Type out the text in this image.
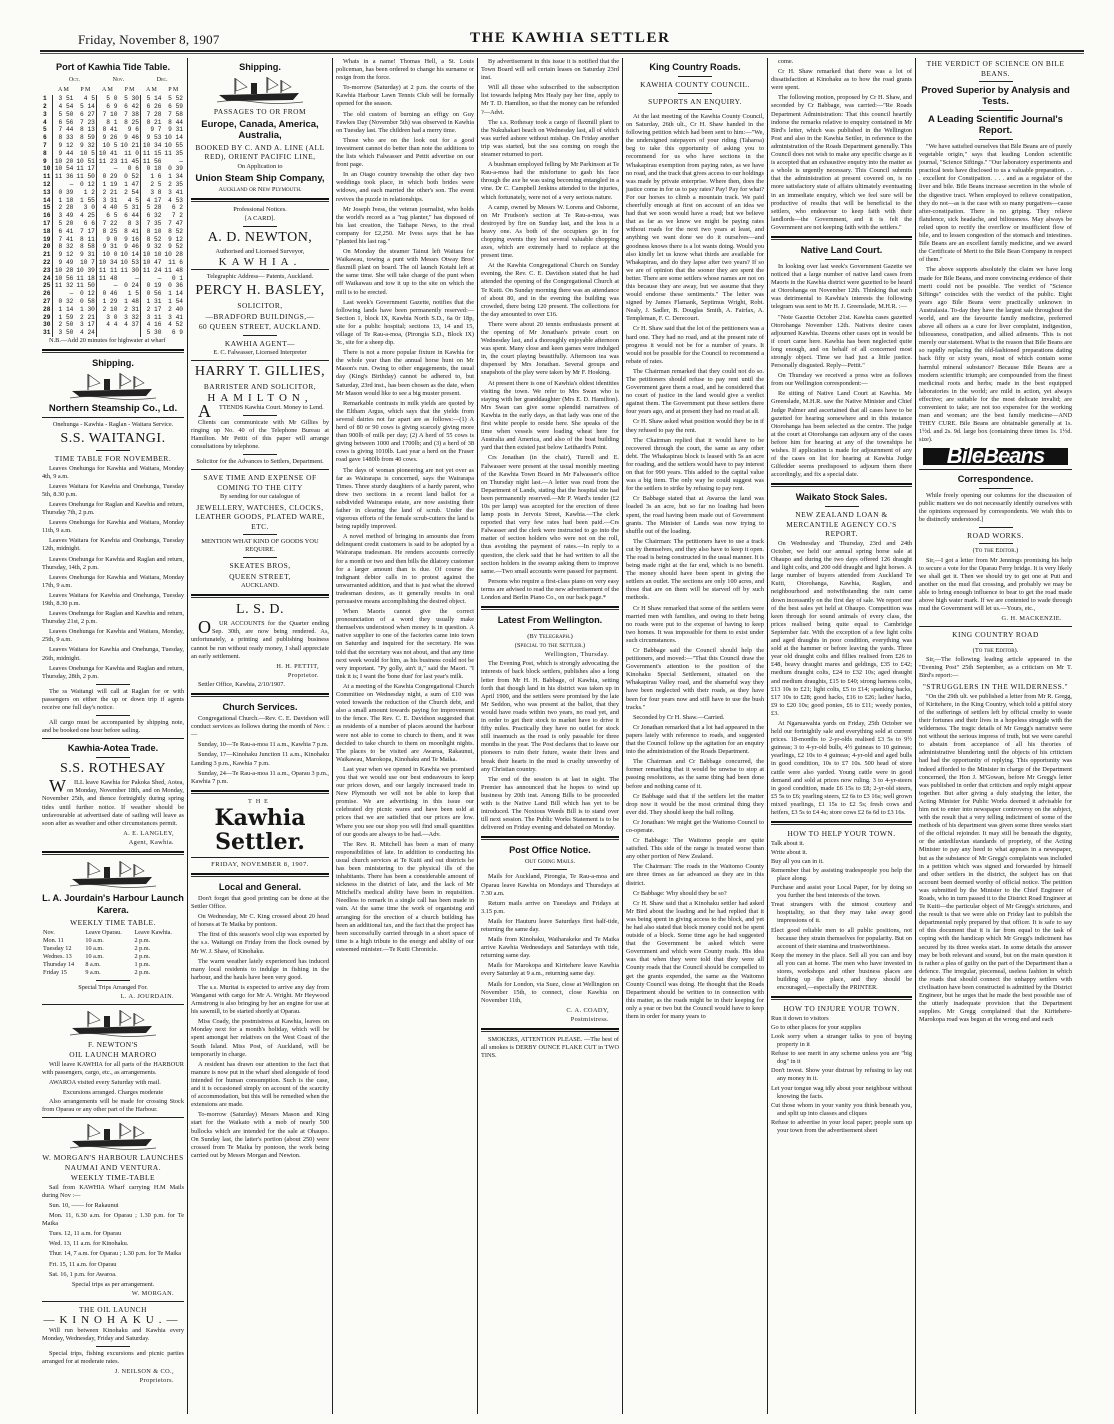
Friday, November 8, 1907	THE KAWHIA SETTLER
Port of Kawhia Tide Table.
	Oct.		Nov.		Dec.	
	A M	P M	A M	P M	A M	P M
1	3 51	4 5	5 0	5 30	5 14	5 52
2	4 54	5 14	6 9	6 42	6 26	6 59
3	5 50	6 27	7 10	7 38	7 28	7 58
4	6 56	7 23	8 1	8 25	8 21	8 44
5	7 44	8 13	8 41	9 6	9 7	9 31
6	8 33	8 59	9 26	9 46	9 53	10 14
7	9 12	9 32	10 5	10 21	10 34	10 55
8	9 44	10 5	10 41	11 0	11 15	11 35
9	10 20	10 51	11 23	11 45	11 56	—
10	10 54	11 17	—	0 6	0 18	0 39
11	11 36	11 50	0 29	0 52	1 6	1 34
12	—	0 12	1 19	1 47	2 5	2 35
13	0 39	1 2	2 21	2 54	3 8	3 41
14	1 18	1 55	3 31	4 5	4 17	4 53
15	2 28	3 0	4 40	5 31	5 28	6 2
16	3 49	4 25	6 5	6 44	6 32	7 2
17	5 20	6 6	7 22	8 3	7 35	7 47
18	6 41	7 17	8 25	8 41	8 10	8 52
19	7 41	8 11	9 0	9 16	8 52	9 12
20	8 32	8 58	9 31	9 46	9 32	9 52
21	9 12	9 31	10 0	10 14	10 10	10 28
22	9 49	10 7	10 34	10 53	10 47	11 6
23	10 28	10 39	11 11	11 30	11 24	11 48
24	10 56	11 18	11 48	—	—	0 1
25	11 32	11 50	—	0 24	0 19	0 36
26	—	0 12	0 46	1 5	0 56	1 14
27	0 32	0 58	1 29	1 48	1 31	1 54
28	1 14	1 30	2 10	2 31	2 17	2 40
29	1 59	2 21	3 0	3 32	3 11	3 41
30	2 50	3 17	4 4	4 37	4 16	4 52
31	3 50	4 24			5 30	6 9
N.B.—Add 20 minutes for highwater at wharf
Shipping.
Northern Steamship Co., Ld.
Onehunga - Kawhia - Raglan - Waitara Service.
S.S. WAITANGI.
TIME TABLE FOR NOVEMBER.
Leaves Onehunga for Kawhia and Waitara, Monday 4th, 9 a.m.
Leaves Waitara for Kawhia and Onehunga, Tuesday 5th, 8.30 p.m.
Leaves Onehunga for Raglan and Kawhia and return, Thursday 7th, 2 p.m.
Leaves Onehunga for Kawhia and Waitara, Monday 11th, 9 a.m.
Leaves Waitara for Kawhia and Onehunga, Tuesday 12th, midnight.
Leaves Onehunga for Kawhia and Raglan and return, Thursday, 14th, 2 p.m.
Leaves Onehunga for Kawhia and Waitara, Monday 17th, 9 a.m.
Leaves Waitara for Kawhia and Onehunga, Tuesday 19th, 8.30 p.m.
Leaves Onehunga for Raglan and Kawhia and return, Thursday 21st, 2 p.m.
Leaves Onehunga for Kawhia and Waitara, Monday, 25th, 9 a.m.
Leaves Waitara for Kawhia and Onehunga, Tuesday, 26th, midnight.
Leaves Onehunga for Kawhia and Raglan and return, Thursday, 28th, 2 p.m.
The ss Waitangi will call at Raglan for or with passengers on either the up or down trip if agents receive one full day's notice.
All cargo must be accompanied by shipping note, and be booked one hour before sailing.
Kawhia-Aotea Trade.
S.S. ROTHESAY
WILL leave Kawhia for Pakoka Shed, Aotea, on Monday, November 18th, and on Monday, November 25th, and thence fortnightly during spring tides until further notice. If weather should be unfavourable at advertised date of sailing will leave as soon after as weather and other circumstances permit.
A. E. LANGLEY,
Agent, Kawhia.
L. A. Jourdain's Harbour Launch Karera.
WEEKLY TIME TABLE.
Nov.	Leave Oparau.	Leave Kawhia.
Mon. 11	10 a.m.	2 p.m.
Tuesday 12	10 a.m.	2 p.m.
Wednes. 13	10 a.m.	2 p.m.
Thursday 14	8 a.m.	1 p.m.
Friday 15	9 a.m.	2 p.m.
Special Trips Arranged For.
L. A. JOURDAIN.
F. NEWTON'S
OIL LAUNCH MARORO
Will leave KAWHIA for all parts of the HARBOUR with passengers, cargo, etc., as arrangements.
AWAROA visited every Saturday with mail.
Excursions arranged. Charges moderate
Also arrangements will be made for crossing Stock from Oparau or any other part of the Harbour.
W. MORGAN'S HARBOUR LAUNCHES NAUMAI AND VENTURA.
WEEKLY TIME-TABLE
Sail from KAWHIA Wharf carrying H.M Mails during Nov :—
Sun. 10, —— for Rakaunui
Mon. 11, 6.30 a.m. for Oparau ; 1.30 p.m. for Te Maika
Tues. 12, 11 a.m. for Oparau
Wed. 13, 11 a.m. for Kinohaku.
Thur. 14, 7 a.m. for Oparau ; 1.30 p.m. for Te Maika
Fri. 15, 11 a.m. for Oparau
Sat. 16, 1 p.m. for Awaroa.
Special trips as per arrangement.
W. MORGAN.
THE OIL LAUNCH
—KINOHAKU.—
Will run between Kinohaku and Kawhia every Monday, Wednesday, Friday and Saturday.
Special trips, fishing excursions and picnic parties arranged for at moderate rates.
J. NEILSON & CO.,
Proprietors.
Shipping.
PASSAGES TO OR FROM
Europe, Canada, America, Australia,
BOOKED BY C. AND A. LINE (ALL RED), ORIENT PACIFIC LINE,
On Application to
Union Steam Ship Company,
Auckland or New Plymouth.
Professional Notices.
[A CARD].
A. D. NEWTON,
Authorised and Licensed Surveyor,
KAWHIA.
Telegraphic Address— Patents, Auckland.
PERCY H. BASLEY,
SOLICITOR,
—BRADFORD BUILDINGS,—
60 QUEEN STREET, AUCKLAND.
KAWHIA AGENT—
E. C. Falwasser, Licensed Interpreter
HARRY T. GILLIES,
BARRISTER AND SOLICITOR,
HAMILTON,
ATTENDS Kawhia Court. Money to Lend.
Clients can communicate with Mr Gillies by ringing up No. 40 of the Telephone Bureau at Hamilton. Mr Pettit of this paper will arrange consultations by telephone.
Solicitor for the Advances to Settlers, Department.
SAVE TIME AND EXPENSE OF COMING TO THE CITY
By sending for our catalogue of
JEWELLERY, WATCHES, CLOCKS, LEATHER GOODS, PLATED WARE, ETC.
MENTION WHAT KIND OF GOODS YOU REQUIRE.
SKEATES BROS,
QUEEN STREET,
AUCKLAND.
L. S. D.
OUR ACCOUNTS for the Quarter ending Sep. 30th, are now being rendered. As, unfortunately, a printing and publishing business cannot be run without ready money, I shall appreciate an early settlement.
H. H. PETTIT,
Proprietor.
Settler Office, Kawhia, 2/10/1907.
Church Services.
Congregational Church.—Rev. C. E. Davidson will conduct services as follows during the month of Nov. :—
Sunday, 10—Te Rau-a-moa 11 a.m., Kawhia 7 p.m.
Sunday, 17—Kinohaku Junction 11 a.m., Kinohaku Landing 3 p.m., Kawhia 7 p.m.
Sunday, 24—Te Rau-a-moa 11 a.m., Oparau 3 p.m., Kawhia 7 p.m.
THE
Kawhia Settler.
FRIDAY, NOVEMBER 8, 1907.
Local and General.
Don't forget that good printing can be done at the Settler Office.
On Wednesday, Mr C. King crossed about 20 head of horses at Te Maika by pontoon.
The first of this season's wool clip was exported by the s.s. Waitangi on Friday from the flock owned by Mr W. J. Shaw, of Kinohaku.
The warm weather lately experienced has induced many local residents to indulge in fishing in the harbour, and the hauls have been very good.
The s.s. Muritai is expected to arrive any day from Wanganui with cargo for Mr A. Wright. Mr Heywood Armstrong is also bringing by her an engine for use at his sawmill, to be started shortly at Oparau.
Miss Coady, the postmistress at Kawhia, leaves on Monday next for a month's holiday, which will be spent amongst her relatives on the West Coast of the South Island. Miss Post, of Auckland, will be temporarily in charge.
A resident has drawn our attention to the fact that manure is now put in the wharf shed alongside of food intended for human consumption. Such is the case, and it is occasioned simply on account of the scarcity of accommodation, but this will be remedied when the extensions are made.
To-morrow (Saturday) Messrs Mason and King start for the Waikato with a mob of nearly 500 bullocks which are intended for the sale at Ohaupo. On Sunday last, the latter's portion (about 250) were crossed from Te Maika by pontoon, the work being carried out by Messrs Morgan and Newton.
Whats in a name! Thomas Hell, a St. Louis policeman, has been ordered to change his surname or resign from the force.
To-morrow (Saturday) at 2 p.m. the courts of the Kawhia Harbour Lawn Tennis Club will be formally opened for the season.
The old custom of burning an effigy on Guy Fawkes Day (November 5th) was observed in Kawhia on Tuesday last. The children had a merry time.
Those who are on the look out for a good investment cannot do better than note the additions to the lists which Falwasser and Pettit advertise on our front page.
In an Otago country township the other day two weddings took place, in which both brides were widows, and each married the other's son. The event revives the puzzle in relationships.
Mr Joseph Ivess, the veteran journalist, who holds the world's record as a "rag planter," has disposed of his last creation, the Taihape News, to the rival company for £2,250. Mr Ivess says that he has "planted his last rag."
On Monday the steamer Tainui left Waitara for Waikawau, towing a punt with Messrs Otway Bros' flaxmill plant on board. The oil launch Kotahi left at the same time. She will take charge of the punt when off Waikawau and tow it up to the site on which the mill is to be erected.
Last week's Government Gazette, notifies that the following lands have been permanently reserved:—Section 1, block IX, Kawhia North S.D., 6a 0r 18p, site for a public hospital; sections 13, 14 and 15, village of Te Rau-a-moa, (Pirongia S.D., Block IX) 3r., site for a sheep dip.
There is not a more popular fixture in Kawhia for the whole year than the annual horse hunt on Mr Mason's run. Owing to other engagements, the usual day (King's Birthday) cannot be adhered to, but Saturday, 23rd inst., has been chosen as the date, when Mr Mason would like to see a big muster present.
Remarkable contrasts in milk yields are quoted by the Eltham Argus, which says that the yields from several dairies not far apart are as follows:—(1) A herd of 80 or 90 cows is giving scarcely giving more than 900lb of milk per day; (2) A herd of 55 cows is giving between 1000 and 1700lb; and (3) a herd of 38 cows is giving 1010lb. Last year a herd on the Fraser road gave 1480lb from 40 cows.
The days of woman pioneering are not yet over as far as Wairarapa is concerned, says the Wairarapa Times. Three sturdy daughters of a hardy parent, who drew two sections in a recent land ballot for a subdivided Wairarapa estate, are now assisting their father in clearing the land of scrub. Under the vigorous efforts of the female scrub-cutters the land is being rapidly improved.
A novel method of bringing in amounts due from delinquent credit customers is said to be adopted by a Wairarapa tradesman. He renders accounts correctly for a month or two and then bills the dilatory customer for a larger amount than is due. Of course the indignant debtor calls in to protest against the unwarranted addition, and that is just what the shrewd tradesman desires, as it generally results in oral persuasive means accomplishing the desired object.
When Maoris cannot give the correct pronounciation of a word they usually make themselves understood when money is in question. A native supplier to one of the factories came into town on Saturday and inquired for the secretary. He was told that the secretary was not about, and that any time next week would for him, as his business could not be very important. "Py golly, ain't it," said the Maori. "I tink it is; I want the 'bone dust' for last year's milk.
At a meeting of the Kawhia Congregational Church Committee on Wednesday night, a sum of £10 was voted towards the reduction of the Church debt, and also a small amount towards paying for improvement to the fence. The Rev. C. E. Davidson suggested that as residents of a number of places around the harbour were not able to come to church to them, and it was decided to take church to them on moonlight nights. The places to be visited are Awaroa, Rakaunui, Waikawau, Marokopa, Kinohaku and Te Maika.
Last year when we opened in Kawhia we promised you that we would use our best endeavours to keep our prices down, and our largely increased trade in New Plymouth we will not be able to keep that promise. We are advertising in this issue our celebrated dry picnic wares and have been sold at prices that we are satisfied that our prices are low. Where you see our shop you will find small quantities of our goods are always to be had.—Adv.
The Rev. R. Mitchell has been a man of many responsibilities of late. In addition to conducting his usual church services at Te Kuiti and out districts he has been ministering to the physical ills of the inhabitants. There has been a considerable amount of sickness in the district of late, and the lack of Mr Mitchell's medical ability have been in requisition. Needless to remark in a single call has been made in vain. At the same time the work of organising and arranging for the erection of a church building has been an additional tax, and the fact that the project has been successfully carried through in a short space of time is a high tribute to the energy and ability of our esteemed minister.—Te Kuiti Chronicle.
By advertisement in this issue it is notified that the Town Board will sell certain leases on Saturday 23rd inst.
Will all those who subscribed to the subscription list towards helping Mrs Healy pay her fine, apply to Mr T. D. Hamilton, so that the money can be refunded ?—Advt.
The s.s. Rothesay took a cargo of flaxmill plant to the Nukuhakari beach on Wednesday last, all of which was surfed ashore without mishap. On Friday another trip was started, but the sea coming on rough the steamer returned to port.
A bushman employed felling by Mr Parkinson at Te Rau-a-moa had the misfortune to gash his face through the axe he was using becoming entangled in a vine. Dr C. Campbell Jenkins attended to the injuries, which fortunately, were not of a very serious nature.
A camp, owned by Messrs W. Lorens and Osborne, on Mr Frudson's section at Te Rau-a-moa, was destroyed by fire on Sunday last, and the loss is a heavy one. As both of the occupiers go in for chopping events they lost several valuable chopping axes, which are extremely hard to replace at the present time.
At the Kawhia Congregational Church on Sunday evening, the Rev. C. E. Davidson stated that he had attended the opening of the Congregational Church at Te Kuiti. On Sunday morning there was an attendance of about 80, and in the evening the building was crowded, there being 120 present. The collections for the day amounted to over £16.
There were about 20 tennis enthusiasts present at the opening of Mr Jonathan's private court on Wednesday last, and a thoroughly enjoyable afternoon was spent. Many close and keen games were indulged in, the court playing beautifully. Afternoon tea was dispensed by Mrs Jonathan. Several groups and snapshots of the play were taken by Mr F. Hosking.
At present there is one of Kawhia's oldest identities visiting the town. We refer to Mrs Swan who is staying with her granddaughter (Mrs E. D. Hamilton). Mrs Swan can give some splendid narratives of Kawhia in the early days, as that lady was one of the first white people to reside here. She speaks of the time when vessels were loading wheat here for Australia and America, and also of the boat building yard that then existed just below Leithardt's Point.
Crs Jonathan (in the chair), Turrell and E. Falwasser were present at the usual monthly meeting of the Kawhia Town Board in Mr Falwasser's office on Thursday night last.—A letter was read from the Department of Lands, stating that the hospital site had been permanently reserved.—Mr P. Ward's tender (£2 10s per lamp) was accepted for the erection of three lamp posts in Jervois Street, Kawhia.—The clerk reported that very few rates had been paid.—Crs Falwasser and the clerk were instructed to go into the matter of section holders who were not on the roll, thus avoiding the payment of rates.—In reply to a question, the clerk said that he had written to all the section holders in the swamp asking them to improve same.—Two small accounts were passed for payment.
Persons who require a first-class piano on very easy terms are advised to read the new advertisement of the London and Berlin Piano Co., on our back page.*
Latest From Wellington.
(By Telegraph.)
(Special to the Settler.)
Wellington, Thursday.
The Evening Post, which is strongly advocating the interests of back block settlers, publishes also a long letter from Mr H. H. Babbage, of Kawhia, setting forth that though land in his district was taken up in April 1900, and the settlers were promised by the late Mr Seddon, who was present at the ballot, that they would have roads within two years, no road yet, and in order to get their stock to market have to drive it fifty miles. Practically they have no outlet for stock still inasmuch as the road is only passable for three months in the year. The Post declares that to leave our pioneers to ruin their future, waste their lives and break their hearts in the mud is cruelty unworthy of any Christian country.
The end of the session is at last in sight. The Premier has announced that he hopes to wind up business by 20th inst. Among Bills to be proceeded with is the Native Land Bill which has yet to be introduced. The Noxious Weeds Bill is to stand over till next session. The Public Works Statement is to be delivered on Friday evening and debated on Monday.
Post Office Notice.
Out Going Mails.
Mails for Auckland, Pirongia, Te Rau-a-moa and Oparau leave Kawhia on Mondays and Thursdays at 7.30 a.m.
Return mails arrive on Tuesdays and Fridays at 3.15 p.m.
Mails for Hauturu leave Saturdays first half-tide, returning the same day.
Mails from Kinohaku, Waiharakeke and Te Maika arrive Kawhia Wednesdays and Saturdays with tide, returning same day.
Mails for Marokopa and Kiritehere leave Kawhia every Saturday at 9 a.m., returning same day.
Mails for London, via Suez, close at Wellington on November 15th, to connect, close Kawhia on November 11th,
C. A. COADY,
Postmistress.
SMOKERS, ATTENTION PLEASE. —The best of all smokes is DERBY OUNCE FLAKE CUT in TWO TINS.
King Country Roads.
KAWHIA COUNTY COUNCIL.
SUPPORTS AN ENQUIRY.
At the last meeting of the Kawhia County Council, on Saturday, 26th ult., Cr H. Shaw handed in the following petition which had been sent to him:—"We, the undersigned ratepayers of your riding (Taharoa) beg to take this opportunity of asking you to recommend for us who have sections in the Whakapirau exemption from paying rates, as we have no road, and the track that gives access to our holdings was made by private enterprise. Where then, does the justice come in for us to pay rates? Pay! Pay for what? For our horses to climb a mountain track. We paid cheerfully enough at first on account of an idea we had that we soon would have a road; but we believe that as far as we know we might be paying rates without roads for the next two years at least, and anything we want done we do it ourselves—and goodness knows there is a lot wants doing. Would you also kindly let us know what thirds are available for Whakapirau, and do they lapse after two years? If so we are of opinion that the sooner they are spent the better. There are some settlers whose names are not on this because they are away, but we assume that they would endorse these sentiments." The letter was signed by James Flamank, Septimus Wright, Robt. Nealy, J. Sadler, B. Douglas Smith, A. Fairfax, A. Templeman, F. C. Derecourt.
Cr H. Shaw said that the lot of the petitioners was a hard one. They had no road, and at the present rate of progress it would not be for a number of years. It would not be possible for the Council to recommend a rebate of rates.
The Chairman remarked that they could not do so. The petitioners should refuse to pay rent until the Government gave them a road, and he considered that no court of justice in the land would give a verdict against them. The Government put these settlers there four years ago, and at present they had no road at all.
Cr H. Shaw asked what position would they be in if they refused to pay the rent.
The Chairman replied that it would have to be recovered through the court, the same as any other debt. The Whakapirau block is leased with 5s an acre for roading, and the settlers would have to pay interest on that for 990 years. This added to the capital value was a big item. The only way he could suggest was for the settlers to strike by refusing to pay rent.
Cr Babbage stated that at Awaroa the land was loaded 3s an acre, but so far no loading had been spent, the road having been made out of Government grants. The Minister of Lands was now trying to shuffle out of the loading.
The Chairman: The petitioners have to use a track cut by themselves, and they also have to keep it open. The road is being constructed in the usual manner. It is being made right at the far end, which is no benefit. The money should have been spent in giving the settlers an outlet. The sections are only 100 acres, and those that are on them will be starved off by such methods.
Cr H Shaw remarked that some of the settlers were married men with families, and owing to their being no roads were put to the expense of having to keep two homes. It was impossible for them to exist under such circumstances.
Cr Babbage said the Council should help the petitioners, and moved:—"That this Council draw the Government's attention to the position of the Kinohaku Special Settlement, situated on the Whakapirau Valley road, and the shameful way they have been neglected with their roads, as they have been for four years now and still have to use the bush tracks."
Seconded by Cr H. Shaw.—Carried.
Cr Jonathan remarked that a lot had appeared in the papers lately with reference to roads, and suggested that the Council follow up the agitation for an enquiry into the administration of the Roads Department.
The Chairman and Cr Babbage concurred, the former remarking that it would be unwise to stop at passing resolutions, as the same thing had been done before and nothing came of it.
Cr Babbage said that if the settlers let the matter drop now it would be the most criminal thing they ever did. They should keep the ball rolling.
Cr Jonathan: We might get the Waitomo Council to co-operate.
Cr Babbage: The Waitomo people are quite satisfied. This side of the range is treated worse than any other portion of New Zealand.
The Chairman: The roads in the Waitomo County are three times as far advanced as they are in this district.
Cr Babbage: Why should they be so?
Cr H. Shaw said that a Kinohaku settler had asked Mr Bird about the loading and he had replied that it was being spent in giving access to the block, and yet he had also stated that block money could not be spent outside of a block. Some time ago he had suggested that the Government be asked which were Government and which were County roads. His idea was that when they were told that they were all County roads that the Council should be compelled to get the grants expended, the same as the Waitomo County Council was doing. He thought that the Roads Department should be written to in connection with this matter, as the roads might be in their keeping for only a year or two but the Council would have to keep them in order for many years to
come.
Cr H. Shaw remarked that there was a lot of dissatisfaction at Kinohaku as to how the road grants were spent.
The following motion, proposed by Cr H. Shaw, and seconded by Cr Babbage, was carried:—"Re Roads Department Administration: That this council heartily indorse the remarks relative to enquiry contained in Mr Bird's letter, which was published in the Wellington Post and also in the Kawhia Settler, in reference to the administration of the Roads Department generally. This Council does not wish to make any specific charge as it is accepted that an exhaustive enquiry into the matter as a whole is urgently necessary. This Council submits that the administration at present covered on, is no more satisfactory state of affairs ultimately eventuating in an immediate enquiry, which we feel sure will be productive of results that will be beneficial to the settlers, who endeavour to keep faith with their landlords—the Government, and it is felt the Government are not keeping faith with the settlers."
Native Land Court.
In looking over last week's Government Gazette we noticed that a large number of native land cases from Maoris in the Kawhia district were gazetted to be heard at Otorohanga on November 12th. Thinking that such was detrimental to Kawhia's interests the following telegram was sent to Mr H. J. Greenslade, M.H.R. :—
"Note Gazette October 21st. Kawhia cases gazetted Otorohanga November 12th. Natives desire cases adjourned Kawhia. Dozens other cases opt in would be if court came here. Kawhia has been neglected quite long enough, and on behalf of all concerned most strongly object. Time we had just a little justice. Personally disgusted. Reply—Pettit."
On Thursday we received a press wire as follows from our Wellington correspondent:—
Re sitting of Native Land Court at Kawhia. Mr Greenslade, M.H.R. saw the Native Minister and Chief Judge Palmer and ascertained that all cases have to be gazetted for hearing somewhere and in this instance Otorohanga has been selected as the centre. The judge at the court at Otorohanga can adjourn any of the cases before him for hearing at any of the townships he wishes. If application is made for adjournment of any of the cases on list for hearing at Kawhia Judge Gilfedder seems predisposed to adjourn them there accordingly, and fix a special date.
Waikato Stock Sales.
NEW ZEALAND LOAN & MERCANTILE AGENCY CO.'S REPORT.
On Wednesday and Thursday, 23rd and 24th October, we held our annual spring horse sale at Ohaupo and during the two days offered 126 draught and light colts, and 200 odd draught and light horses. A large number of buyers attended from Auckland Te Kuiti, Otorohanga, Kawhia, Raglan, and neighbourhood and notwithstanding the rain came down incessantly on the first day of sale. We report one of the best sales yet held at Ohaupo. Competition was keen through for sound animals of every class, the prices realised being quite equal to Cambridge September fair. With the exception of a few light colts and aged draughts in poor condition, everything was sold at the hammer or before leaving the yards. Three year old draught colts and fillies realised from £26 to £48, heavy draught mares and geldings, £35 to £42; medium draught colts, £24 to £32 10s; aged draught and medium draughts, £15 to £40; strong harness colts, £13 10s to £21; light colts, £5 to £14; spanking hacks, £17 10s to £28; good hacks, £16 to £26; ladies' hacks, £9 to £20 10s; good ponies, £6 to £11; weedy ponies, £3.
At Ngaruawahia yards on Friday, 25th October we held our fortnightly sale and everything sold at current prices. 18-months to 2-yr-olds realised £3 5s to 9½ guineas; 3 to 4-yr-old bulls, 4½ guineas to 10 guineas; yearlings, £2 10s to 4 guineas; 4-yr-old and aged bulls in good condition, 10s to £7 10s. 500 head of store cattle were also yarded. Young cattle were in good demand and sold at prices now ruling. 3 to 4-yr-steers in good condition, made £6 15s to £8; 2-yr-old steers, £5 5s to £6; yearling steers, £2 6s to £3 16s; well grown mixed yearlings, £1 15s to £2 5s; fresh cows and heifers, £3 5s to £4 4s; store cows £2 6s 6d to £3 16s.
HOW TO HELP YOUR TOWN.
Talk about it.
Write about it.
Buy all you can in it.
Remember that by assisting tradespeople you help the place along.
Purchase and assist your Local Paper, for by doing so you further the best interests of the town.
Treat strangers with the utmost courtesy and hospitality, so that they may take away good impressions of it.
Elect good reliable men to all public positions, not because they strain themselves for popularity. But on account of their stamina and trustworthiness.
Keep the money in the place. Sell all you can and buy all you can at home. The men who have invested in stores, workshops and other business places are building up the place, and they should be encouraged,—especially the PRINTER.
HOW TO INJURE YOUR TOWN.
Run it down to visitors
Go to other places for your supplies
Look sorry when a stranger talks to you of buying property in it
Refuse to see merit in any scheme unless you are "big dog" in it
Don't invest. Show your distrust by refusing to lay out any money in it.
Let your tongue wag idly about your neighbour without knowing the facts.
Cut those whom in your vanity you think beneath you, and split up into classes and cliques
Refuse to advertise in your local paper; people sum up your town from the advertisement sheet
THE VERDICT OF SCIENCE ON BILE BEANS.
Proved Superior by Analysis and Tests.
A Leading Scientific Journal's Report.
"We have satisfied ourselves that Bile Beans are of purely vegetable origin," says that leading London scientific journal, "Science Siftings." "Our laboratory experiments and practical tests have disclosed to us a valuable preparation. . . . excellent for Constipation. . . . and as a regulator of the liver and bile. Bile Beans increase secretion in the whole of the digestive tract. When employed to relieve constipation, they do not—as is the case with so many purgatives—cause after-constipation. There is no griping. They relieve flatulence, sick headache, and biliousness. May always be relied upon to rectify the overflow or insufficient flow of bile, and to lessen congestion of the stomach and intestines. Bile Beans are an excellent family medicine, and we award the Certificate of Merit to the Bile Bean Company in respect of them."
The above supports absolutely the claim we have long made for Bile Beans, and more convincing evidence of their merit could not be possible. The verdict of "Science Siftings" coincides with the verdict of the public. Eight years ago Bile Beans were practically unknown in Australasia. To-day they have the largest sale throughout the world, and are the favourite family medicine, preferred above all others as a cure for liver complaint, indigestion, biliousness, constipation, and allied ailments. This is not merely our statement. What is the reason that Bile Beans are so rapidly replacing the old-fashioned preparations dating back fifty or sixty years, most of which contain some harmful mineral substance? Because Bile Beans are a modern scientific triumph; are compounded from the finest medicinal roots and herbs; made in the best equipped laboratories in the world; are mild in action, yet always effective; are suitable for the most delicate invalid; are convenient to take; are not too expensive for the working man and woman; are the best family medicine—AND THEY CURE. Bile Beans are obtainable generally at 1s. 1½d. and 2s. 9d. large box (containing three times 1s. 1½d. size).
BileBeans
Correspondence.
While freely opening our columns for the discussion of public matters we do not necessarily identify ourselves with the opinions expressed by correspondents. We wish this to be distinctly understood.]
ROAD WORKS.
(To the Editor.)
Sir,—I got a letter from Mr Jennings promising his help to secure a vote for the Oparau Ferry bridge. It is very likely we shall get it. Then we should try to get one at Puti and another on the mud flat crossing, and probably we may be able to bring enough influence to bear to get the road made above high water mark. If we are contented to wade through mud the Government will let us.—Yours, etc.,
G. H. MACKENZIE.
KING COUNTRY ROAD
(To the Editor).
Sir,—The following leading article appeared in the "Evening Post" 25th September, as a criticism on Mr T. Bird's report:—
"STRUGGLERS IN THE WILDERNESS."
"On the 29th ult. we published a letter from Mr R. Gregg, of Kiritehere, in the King Country, which told a pitiful story of the sufferings of settlers left by official cruelty to waste their fortunes and their lives in a hopeless struggle with the wilderness. The tragic details of Mr Gregg's narrative were not without the serious impress of truth, but we were careful to abstain from acceptance of all his theories of administrative blundering until the objects of his criticism had had the opportunity of replying. This opportunity was indeed afforded to the Minister in charge of the Department concerned, the Hon J. M'Gowan, before Mr Gregg's letter was published in order that criticism and reply might appear together. But after giving a duly studying the letter, the Acting Minister for Public Works deemed it advisable for him not to enter into newspaper controversy on the subject, with the result that a very telling indictment of some of the methods of his department was given some three weeks start of the official rejoinder. It may still be beneath the dignity, or the antediluvian standards of propriety, of the Acting Minister to pay any heed to what appears in a newspaper, but as the substance of Mr Gregg's complaints was included in a petition which was signed and forwarded by himself and other settlers in the district, the subject has on that account been deemed worthy of official notice. The petition was submitted by the Minister to the Chief Engineer of Roads, who in turn passed it to the District Road Engineer at Te Kuiti—the particular object of Mr Gregg's strictures, and the result is that we were able on Friday last to publish the departmental reply prepared by that officer. It is safe to say of this document that it is far from equal to the task of coping with the handicap which Mr Gregg's indictment has secured by its three weeks start. In some details the answer may be both relevant and sound, but on the main question it is rather a plea of guilty on the part of the Department than a defence. The irregular, piecemeal, useless fashion in which the roads that should connect the unhappy settlers with civilisation have been constructed is admitted by the District Engineer, but he urges that he made the best possible use of the utterly inadequate provision that the Department supplies. Mr Gregg complained that the Kiritehere-Marokopa road was begun at the wrong end and each
